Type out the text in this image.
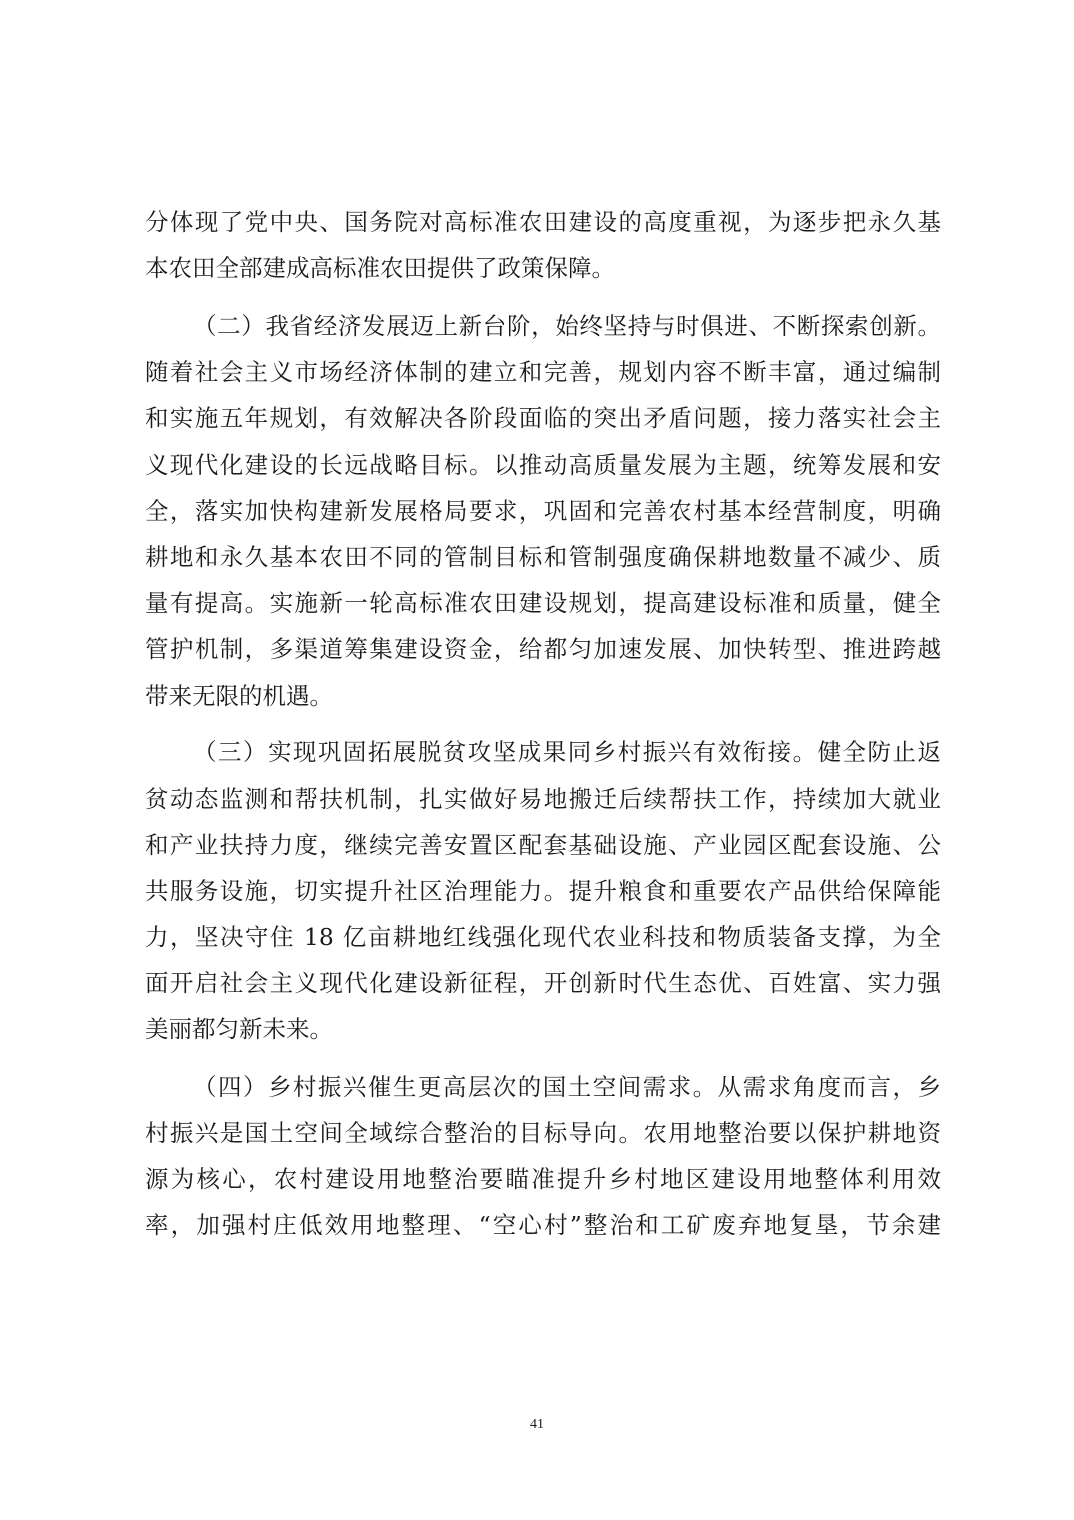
分体现了党中央、国务院对高标准农田建设的高度重视，为逐步把永久基
本农田全部建成高标准农田提供了政策保障。
（二）我省经济发展迈上新台阶，始终坚持与时俱进、不断探索创新。
随着社会主义市场经济体制的建立和完善，规划内容不断丰富，通过编制
和实施五年规划，有效解决各阶段面临的突出矛盾问题，接力落实社会主
义现代化建设的长远战略目标。以推动高质量发展为主题，统筹发展和安
全，落实加快构建新发展格局要求，巩固和完善农村基本经营制度，明确
耕地和永久基本农田不同的管制目标和管制强度确保耕地数量不减少、质
量有提高。实施新一轮高标准农田建设规划，提高建设标准和质量，健全
管护机制，多渠道筹集建设资金，给都匀加速发展、加快转型、推进跨越
带来无限的机遇。
（三）实现巩固拓展脱贫攻坚成果同乡村振兴有效衔接。健全防止返
贫动态监测和帮扶机制，扎实做好易地搬迁后续帮扶工作，持续加大就业
和产业扶持力度，继续完善安置区配套基础设施、产业园区配套设施、公
共服务设施，切实提升社区治理能力。提升粮食和重要农产品供给保障能
力，坚决守住 18 亿亩耕地红线强化现代农业科技和物质装备支撑，为全
面开启社会主义现代化建设新征程，开创新时代生态优、百姓富、实力强
美丽都匀新未来。
（四）乡村振兴催生更高层次的国土空间需求。从需求角度而言，乡
村振兴是国土空间全域综合整治的目标导向。农用地整治要以保护耕地资
源为核心，农村建设用地整治要瞄准提升乡村地区建设用地整体利用效
率，加强村庄低效用地整理、“空心村”整治和工矿废弃地复垦，节余建
41
